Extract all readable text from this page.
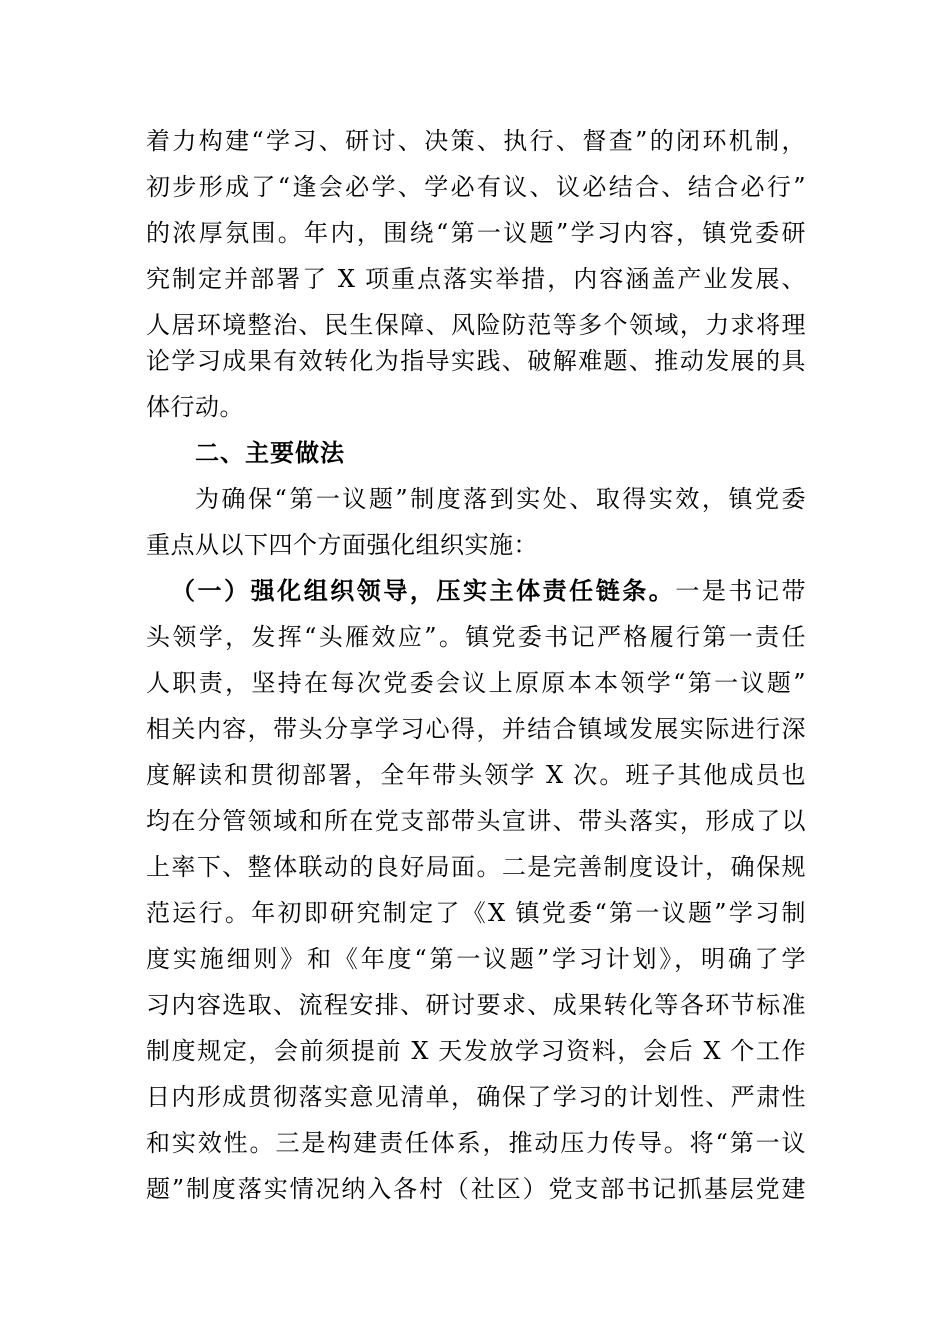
着力构建“学习、研讨、决策、执行、督查”的闭环机制，
初步形成了“逢会必学、学必有议、议必结合、结合必行”
的浓厚氛围。年内，围绕“第一议题”学习内容，镇党委研
究制定并部署了 X 项重点落实举措，内容涵盖产业发展、
人居环境整治、民生保障、风险防范等多个领域，力求将理
论学习成果有效转化为指导实践、破解难题、推动发展的具
体行动。
二、主要做法
为确保“第一议题”制度落到实处、取得实效，镇党委
重点从以下四个方面强化组织实施：
（一）强化组织领导，压实主体责任链条。一是书记带
头领学，发挥“头雁效应”。镇党委书记严格履行第一责任
人职责，坚持在每次党委会议上原原本本领学“第一议题”
相关内容，带头分享学习心得，并结合镇域发展实际进行深
度解读和贯彻部署，全年带头领学 X 次。班子其他成员也
均在分管领域和所在党支部带头宣讲、带头落实，形成了以
上率下、整体联动的良好局面。二是完善制度设计，确保规
范运行。年初即研究制定了《X 镇党委“第一议题”学习制
度实施细则》和《年度“第一议题”学习计划》，明确了学
习内容选取、流程安排、研讨要求、成果转化等各环节标准
制度规定，会前须提前 X 天发放学习资料，会后 X 个工作
日内形成贯彻落实意见清单，确保了学习的计划性、严肃性
和实效性。三是构建责任体系，推动压力传导。将“第一议
题”制度落实情况纳入各村（社区）党支部书记抓基层党建
